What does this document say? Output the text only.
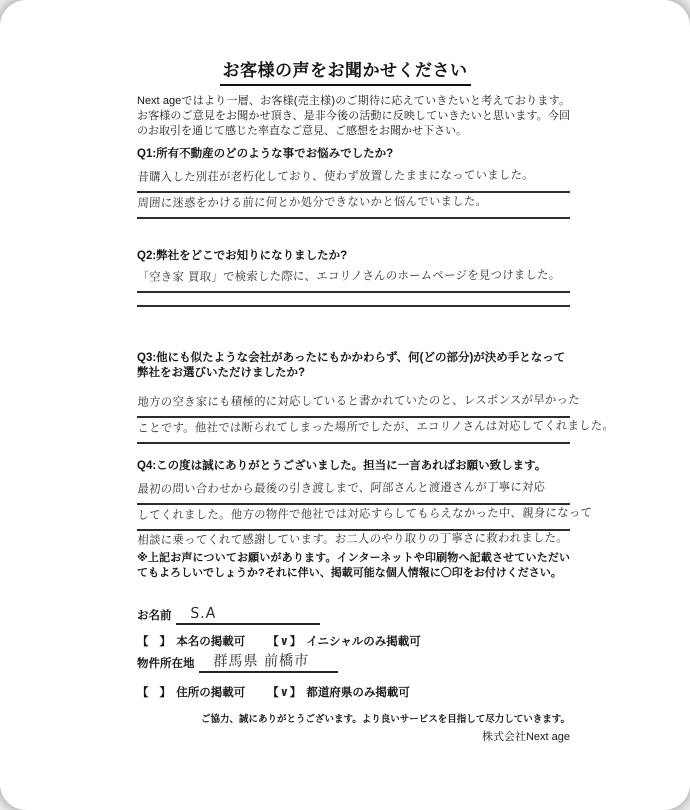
お客様の声をお聞かせください
Next ageではより一層、お客様(売主様)のご期待に応えていきたいと考えております。お客様のご意見をお聞かせ頂き、是非今後の活動に反映していきたいと思います。今回のお取引を通じて感じた率直なご意見、ご感想をお聞かせ下さい。
Q1:所有不動産のどのような事でお悩みでしたか?
昔購入した別荘が老朽化しており、使わず放置したままになっていました。
周囲に迷惑をかける前に何とか処分できないかと悩んでいました。
Q2:弊社をどこでお知りになりましたか?
「空き家 買取」で検索した際に、エコリノさんのホームページを見つけました。
Q3:他にも似たような会社があったにもかかわらず、何(どの部分)が決め手となって弊社をお選びいただけましたか?
地方の空き家にも積極的に対応していると書かれていたのと、レスポンスが早かった
ことです。他社では断られてしまった場所でしたが、エコリノさんは対応してくれました。
Q4:この度は誠にありがとうございました。担当に一言あればお願い致します。
最初の問い合わせから最後の引き渡しまで、阿部さんと渡邉さんが丁寧に対応
してくれました。他方の物件で他社では対応すらしてもらえなかった中、親身になって
相談に乗ってくれて感謝しています。お二人のやり取りの丁寧さに救われました。
※上記お声についてお願いがあります。インターネットや印刷物へ記載させていただいてもよろしいでしょうか?それに伴い、掲載可能な個人情報に〇印をお付けください。
お名前 S.A
【 】 本名の掲載可 【∨】 イニシャルのみ掲載可
物件所在地 群馬県 前橋市
【 】 住所の掲載可 【∨】 都道府県のみ掲載可
ご協力、誠にありがとうございます。より良いサービスを目指して尽力していきます。
株式会社Next age
